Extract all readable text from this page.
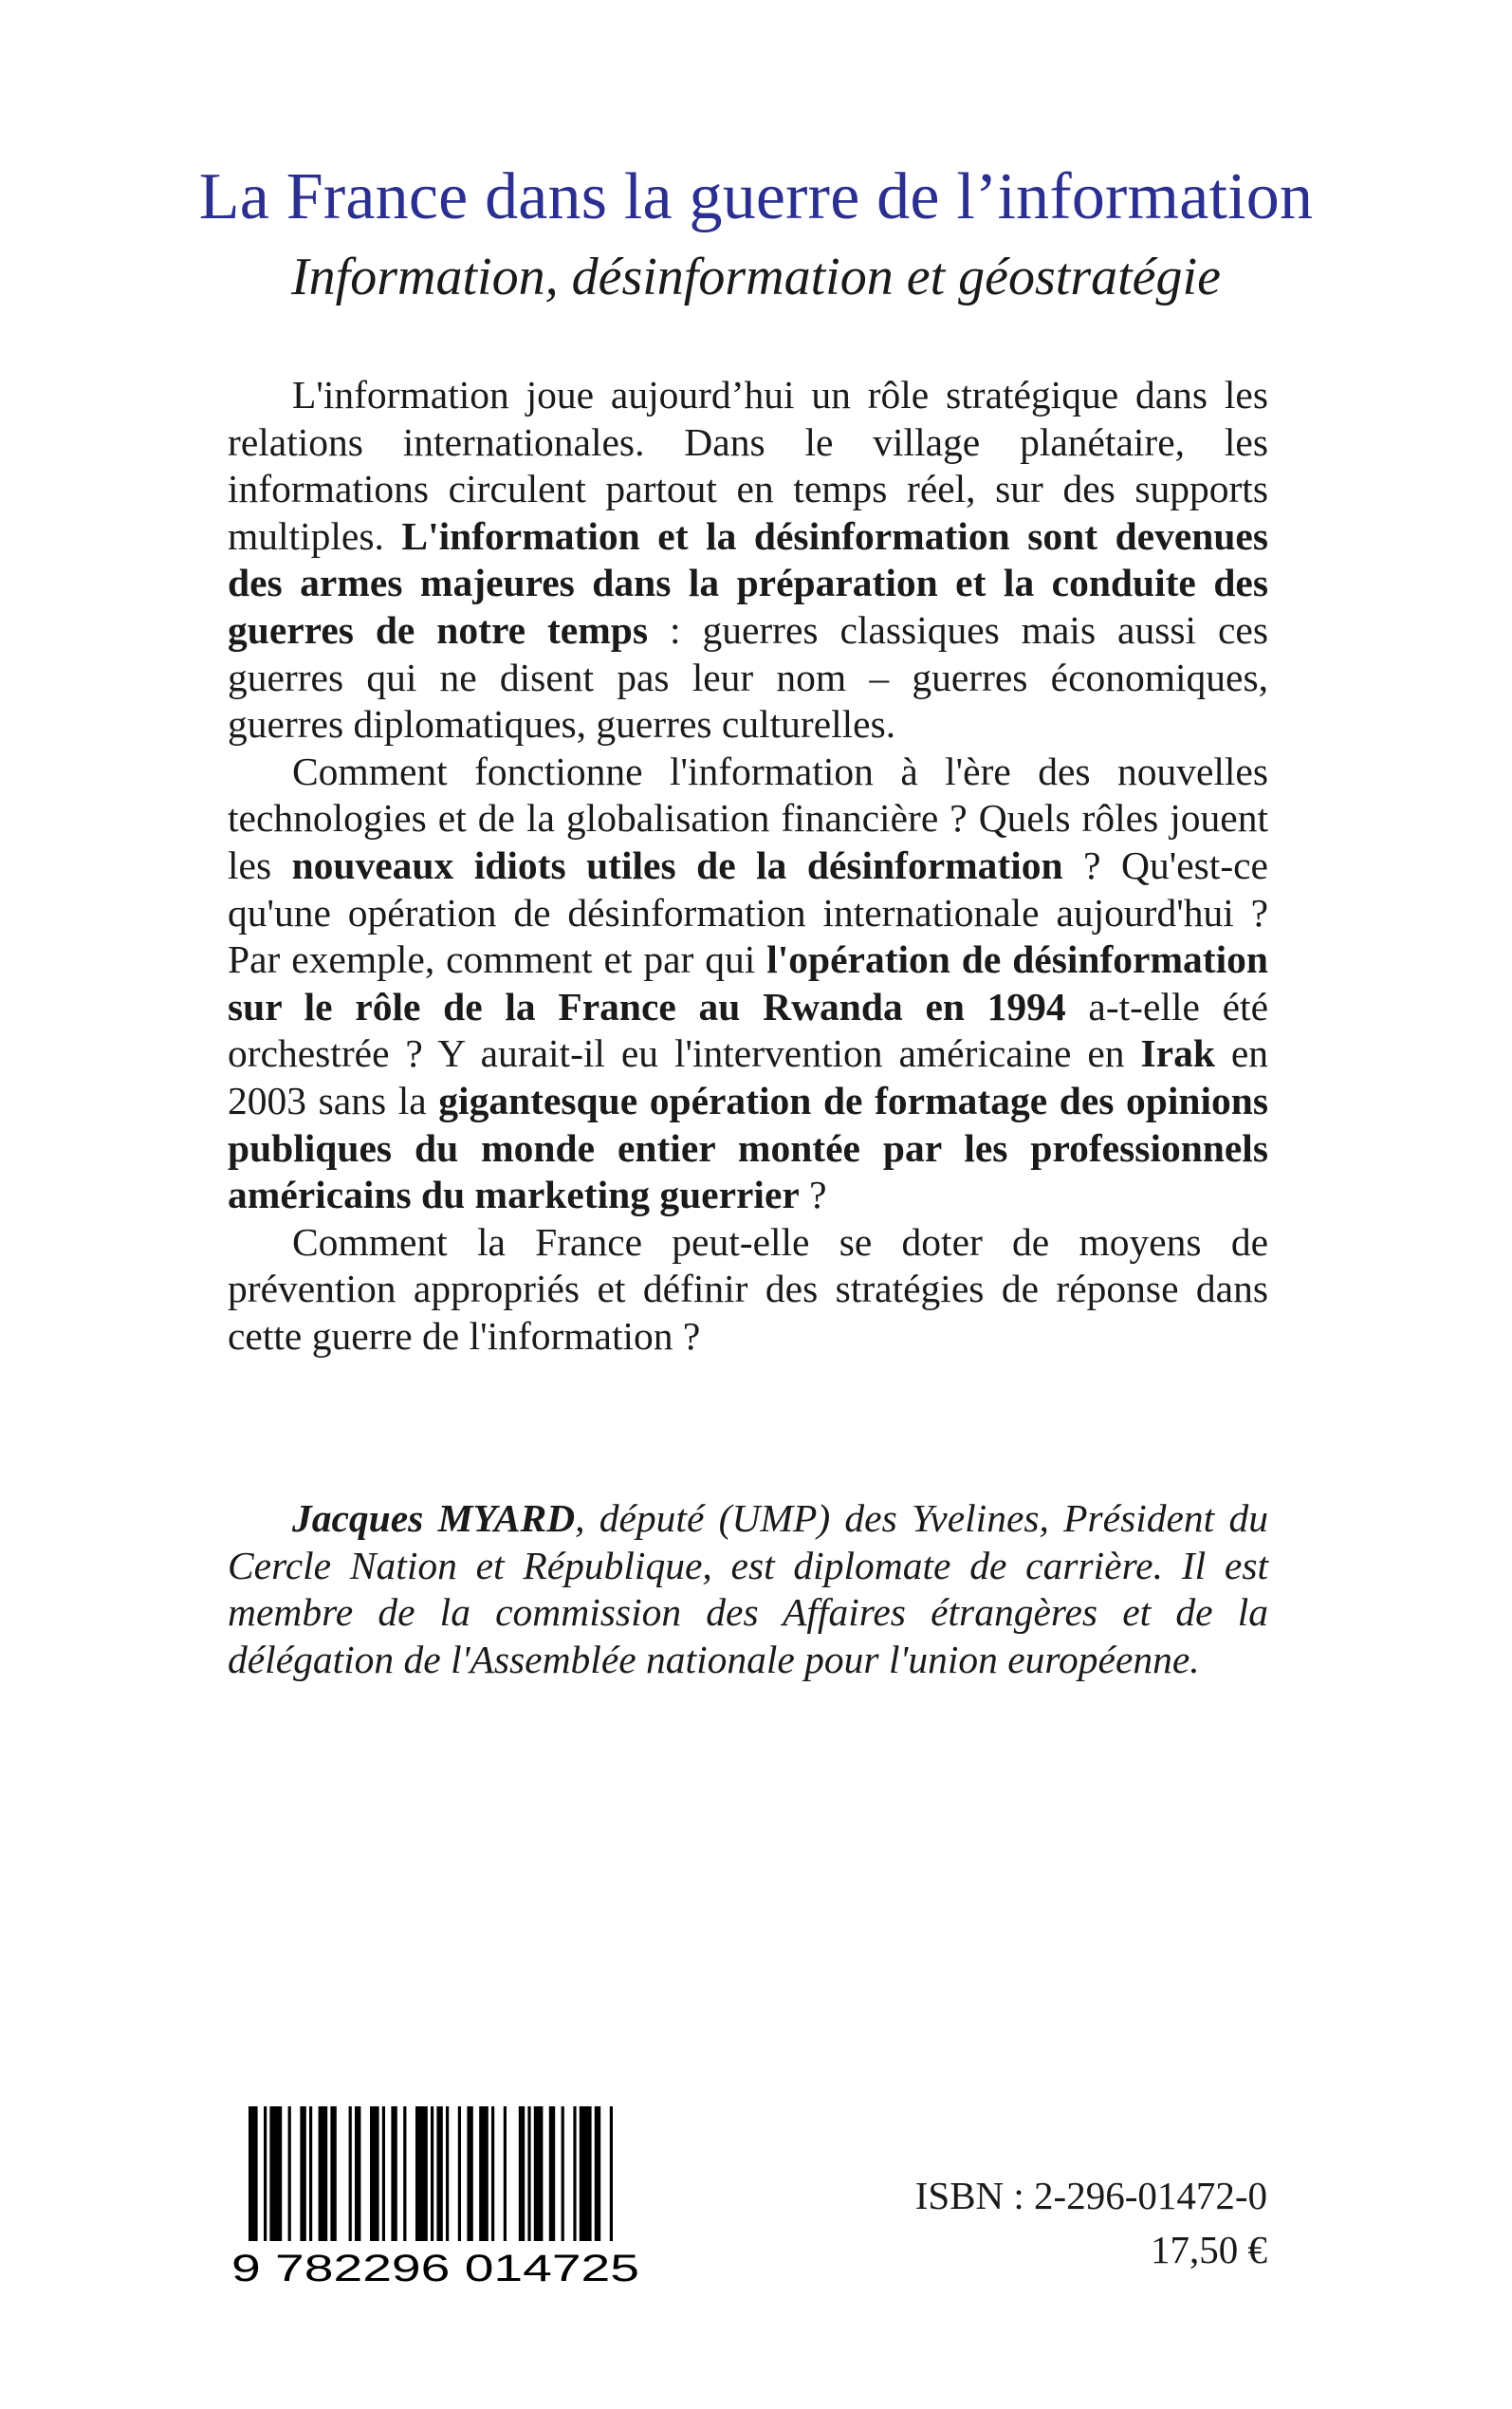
La France dans la guerre de l’information
Information, désinformation et géostratégie

L'information joue aujourd’hui un rôle stratégique dans les relations internationales. Dans le village planétaire, les informations circulent partout en temps réel, sur des supports multiples. L'information et la désinformation sont devenues des armes majeures dans la préparation et la conduite des guerres de notre temps : guerres classiques mais aussi ces guerres qui ne disent pas leur nom – guerres économiques, guerres diplomatiques, guerres culturelles.

Comment fonctionne l'information à l'ère des nouvelles technologies et de la globalisation financière ? Quels rôles jouent les nouveaux idiots utiles de la désinformation ? Qu'est-ce qu'une opération de désinformation internationale aujourd'hui ? Par exemple, comment et par qui l'opération de désinformation sur le rôle de la France au Rwanda en 1994 a-t-elle été orchestrée ? Y aurait-il eu l'intervention américaine en Irak en 2003 sans la gigantesque opération de formatage des opinions publiques du monde entier montée par les professionnels américains du marketing guerrier ?

Comment la France peut-elle se doter de moyens de prévention appropriés et définir des stratégies de réponse dans cette guerre de l'information ?

Jacques MYARD, député (UMP) des Yvelines, Président du Cercle Nation et République, est diplomate de carrière. Il est membre de la commission des Affaires étrangères et de la délégation de l'Assemblée nationale pour l'union européenne.

9 782296 014725
ISBN : 2-296-01472-0
17,50 €
